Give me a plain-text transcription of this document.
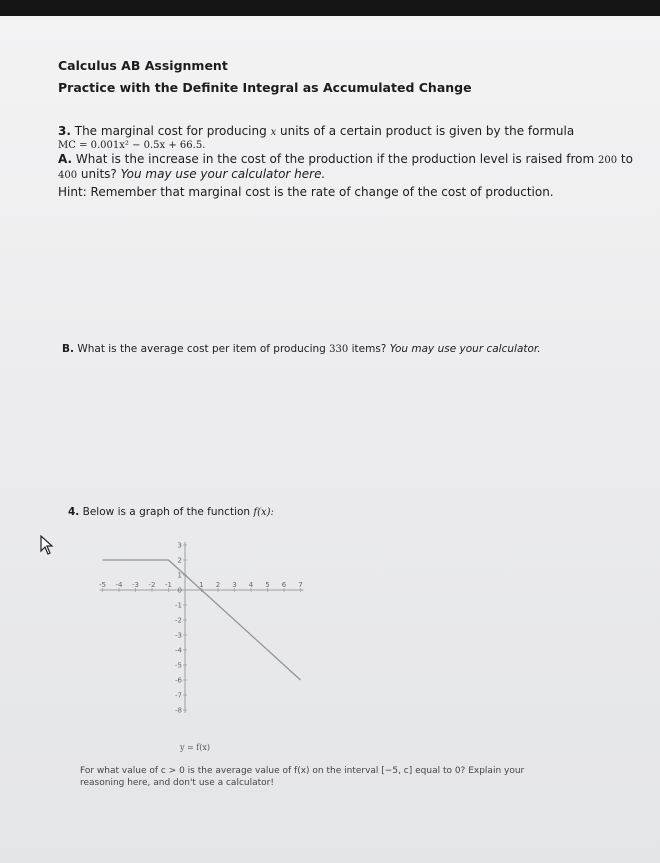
Calculus AB Assignment
Practice with the Definite Integral as Accumulated Change
3. The marginal cost for producing x units of a certain product is given by the formula
MC = 0.001x² − 0.5x + 66.5.
A. What is the increase in the cost of the production if the production level is raised from 200 to
400 units? You may use your calculator here.
Hint: Remember that marginal cost is the rate of change of the cost of production.
B. What is the average cost per item of producing 330 items? You may use your calculator.
4. Below is a graph of the function f(x):
-5 -4 -3 -2 -1	1 2 3 4 5 6 7
3
2
1
0
-1
-2
-3
-4
-5
-6
-7
-8
y = f(x)
For what value of c > 0 is the average value of f(x) on the interval [−5, c] equal to 0? Explain your
reasoning here, and don't use a calculator!
